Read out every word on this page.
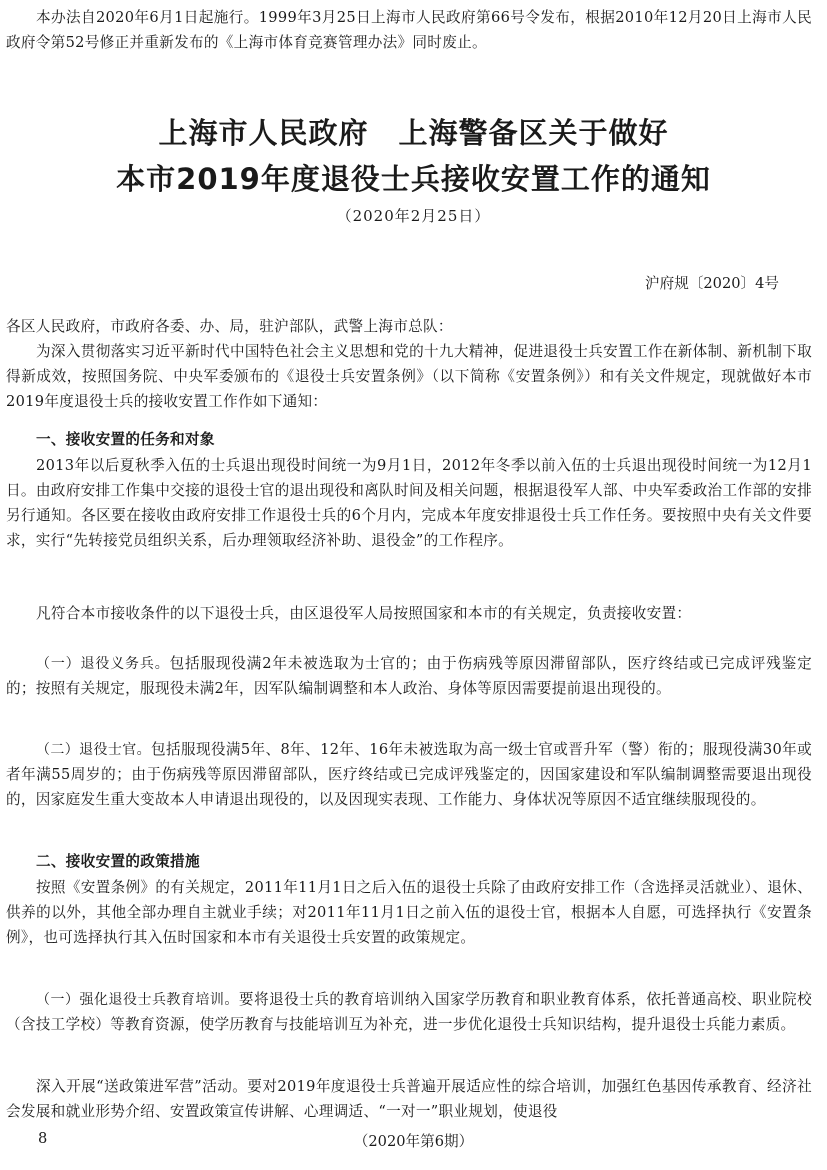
本办法自2020年6月1日起施行。1999年3月25日上海市人民政府第66号令发布，根据2010年12月20日上海市人民政府令第52号修正并重新发布的《上海市体育竞赛管理办法》同时废止。

上海市人民政府　上海警备区关于做好
本市2019年度退役士兵接收安置工作的通知
（2020年2月25日）
沪府规〔2020〕4号

各区人民政府，市政府各委、办、局，驻沪部队，武警上海市总队：

为深入贯彻落实习近平新时代中国特色社会主义思想和党的十九大精神，促进退役士兵安置工作在新体制、新机制下取得新成效，按照国务院、中央军委颁布的《退役士兵安置条例》（以下简称《安置条例》）和有关文件规定，现就做好本市2019年度退役士兵的接收安置工作作如下通知：

一、接收安置的任务和对象

2013年以后夏秋季入伍的士兵退出现役时间统一为9月1日，2012年冬季以前入伍的士兵退出现役时间统一为12月1日。由政府安排工作集中交接的退役士官的退出现役和离队时间及相关问题，根据退役军人部、中央军委政治工作部的安排另行通知。各区要在接收由政府安排工作退役士兵的6个月内，完成本年度安排退役士兵工作任务。要按照中央有关文件要求，实行“先转接党员组织关系，后办理领取经济补助、退役金”的工作程序。

凡符合本市接收条件的以下退役士兵，由区退役军人局按照国家和本市的有关规定，负责接收安置：

（一）退役义务兵。包括服现役满2年未被选取为士官的；由于伤病残等原因滞留部队，医疗终结或已完成评残鉴定的；按照有关规定，服现役未满2年，因军队编制调整和本人政治、身体等原因需要提前退出现役的。

（二）退役士官。包括服现役满5年、8年、12年、16年未被选取为高一级士官或晋升军（警）衔的；服现役满30年或者年满55周岁的；由于伤病残等原因滞留部队，医疗终结或已完成评残鉴定的，因国家建设和军队编制调整需要退出现役的，因家庭发生重大变故本人申请退出现役的，以及因现实表现、工作能力、身体状况等原因不适宜继续服现役的。

二、接收安置的政策措施

按照《安置条例》的有关规定，2011年11月1日之后入伍的退役士兵除了由政府安排工作（含选择灵活就业）、退休、供养的以外，其他全部办理自主就业手续；对2011年11月1日之前入伍的退役士官，根据本人自愿，可选择执行《安置条例》，也可选择执行其入伍时国家和本市有关退役士兵安置的政策规定。

（一）强化退役士兵教育培训。要将退役士兵的教育培训纳入国家学历教育和职业教育体系，依托普通高校、职业院校（含技工学校）等教育资源，使学历教育与技能培训互为补充，进一步优化退役士兵知识结构，提升退役士兵能力素质。

深入开展“送政策进军营”活动。要对2019年度退役士兵普遍开展适应性的综合培训，加强红色基因传承教育、经济社会发展和就业形势介绍、安置政策宣传讲解、心理调适、“一对一”职业规划，使退役

8	（2020年第6期）
